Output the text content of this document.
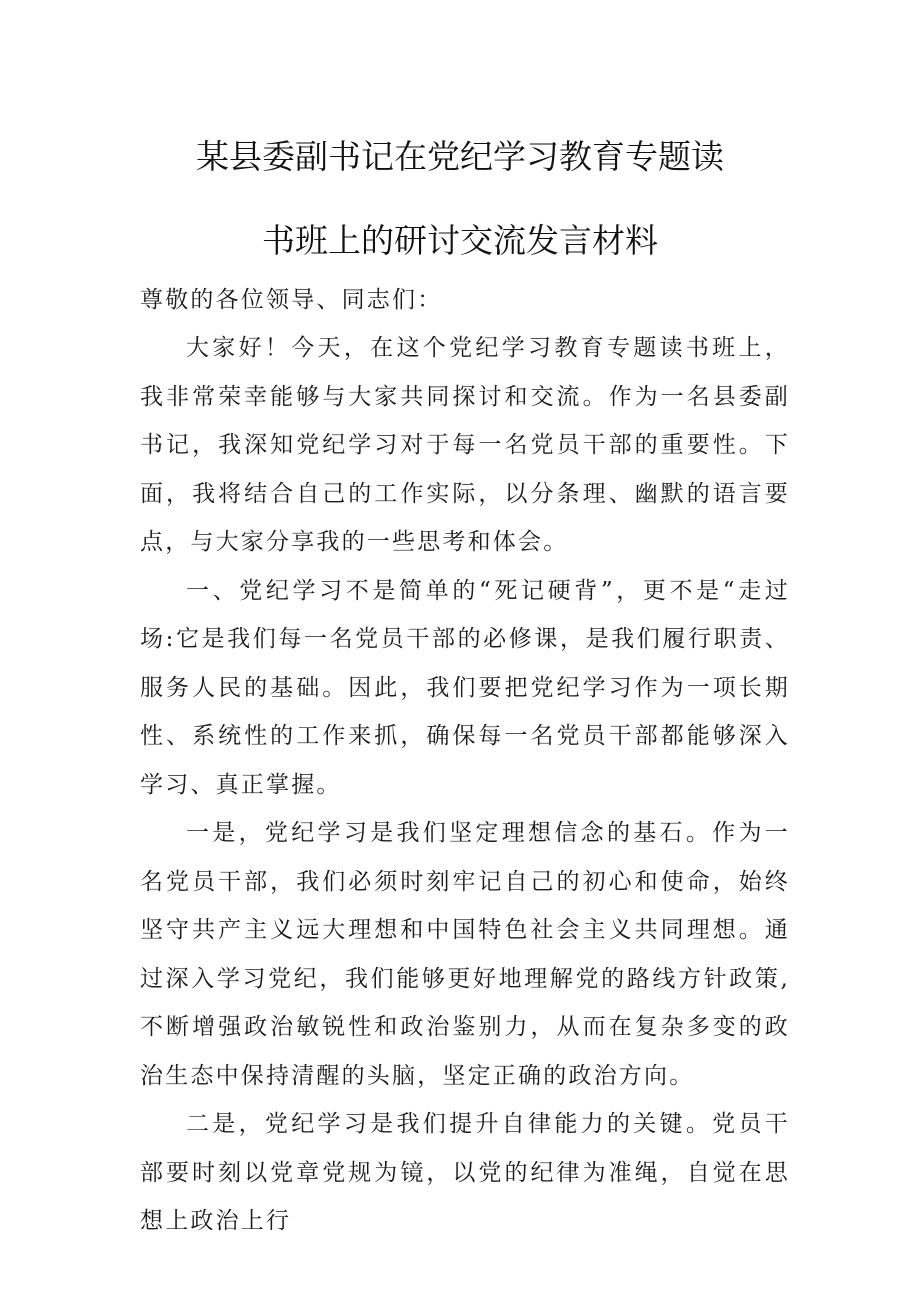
某县委副书记在党纪学习教育专题读
书班上的研讨交流发言材料
尊敬的各位领导、同志们：

大家好！今天，在这个党纪学习教育专题读书班上，我非常荣幸能够与大家共同探讨和交流。作为一名县委副书记，我深知党纪学习对于每一名党员干部的重要性。下面，我将结合自己的工作实际，以分条理、幽默的语言要点，与大家分享我的一些思考和体会。

一、党纪学习不是简单的“死记硬背”，更不是“走过场:它是我们每一名党员干部的必修课，是我们履行职责、服务人民的基础。因此，我们要把党纪学习作为一项长期性、系统性的工作来抓，确保每一名党员干部都能够深入学习、真正掌握。

一是，党纪学习是我们坚定理想信念的基石。作为一名党员干部，我们必须时刻牢记自己的初心和使命，始终坚守共产主义远大理想和中国特色社会主义共同理想。通过深入学习党纪，我们能够更好地理解党的路线方针政策,不断增强政治敏锐性和政治鉴别力，从而在复杂多变的政治生态中保持清醒的头脑，坚定正确的政治方向。

二是，党纪学习是我们提升自律能力的关键。党员干部要时刻以党章党规为镜，以党的纪律为准绳，自觉在思想上政治上行
